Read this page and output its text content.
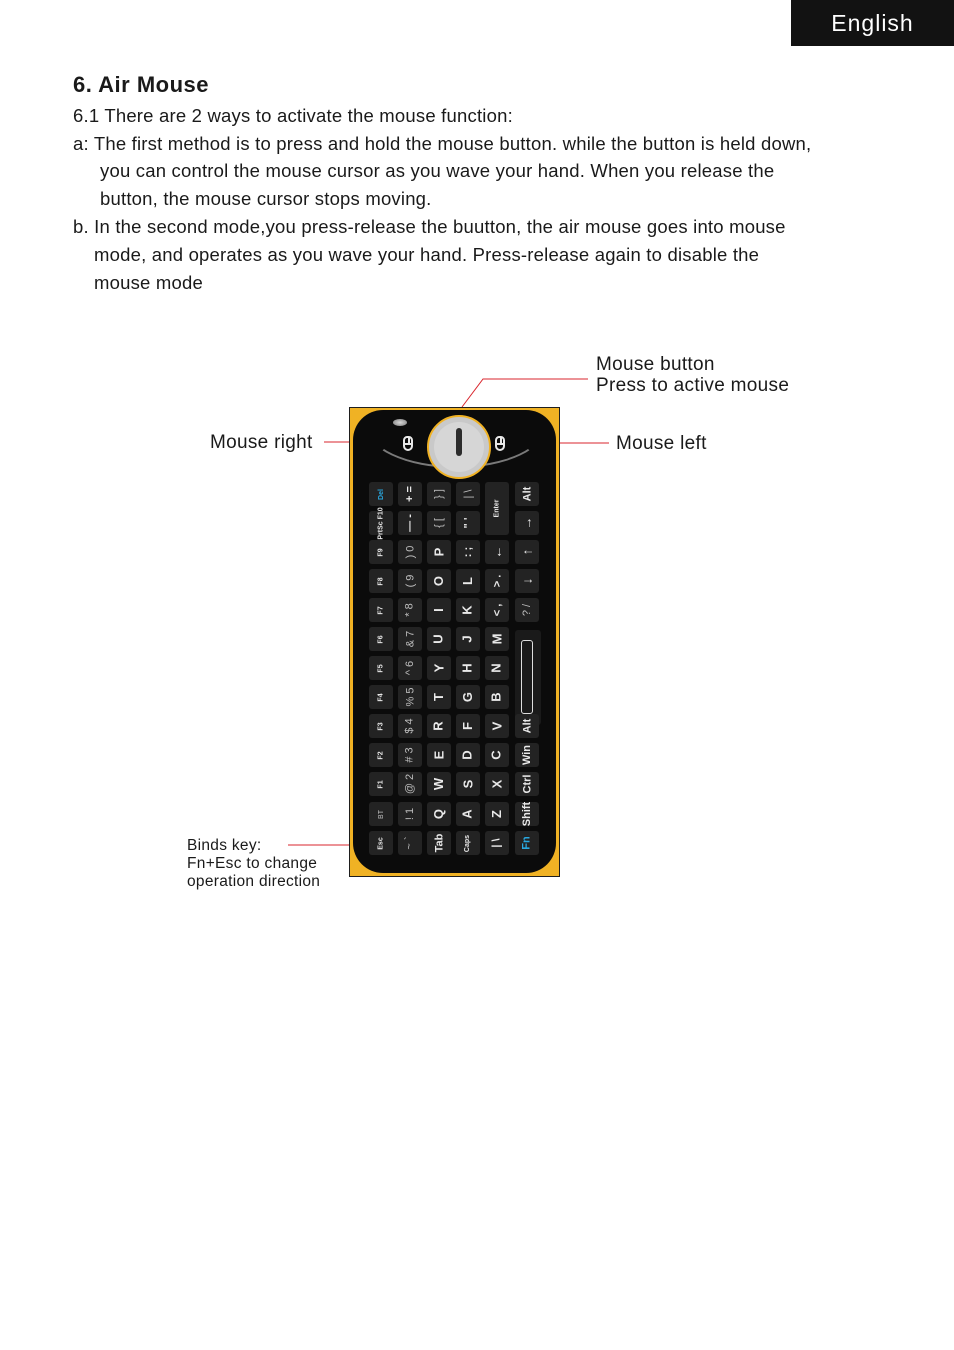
English
6. Air Mouse
6.1 There are 2 ways to activate the mouse function:
a: The first method is to press and hold the mouse button. while the button is held down,
you can control the mouse cursor as you wave your hand. When you release the
button, the mouse cursor stops moving.
b. In the second mode,you press-release the buutton, the air mouse goes into mouse
mode, and operates as you wave your hand. Press-release again to disable the
mouse mode
Mouse button
Press to active mouse
Mouse right	Mouse left
Binds key:
Fn+Esc to change
operation direction
Del
PrtSc F10
F9
F8
F7
F6
F5
F4
F3
F2
F1
BT
Esc
+ =
— -
) 0
( 9
* 8
& 7
^ 6
% 5
$ 4
# 3
@ 2
! 1
~ `
} ]
{ [
P
O
I
U
Y
T
R
E
W
Q
Tab
| \
" '
: ;
L
K
J
H
G
F
D
S
A
Caps
Enter
←
> .
< ,
M
N
B
V
C
X
Z
| \
Alt
→
↑
↓
? /
Alt
Win
Ctrl
Shift
Fn
